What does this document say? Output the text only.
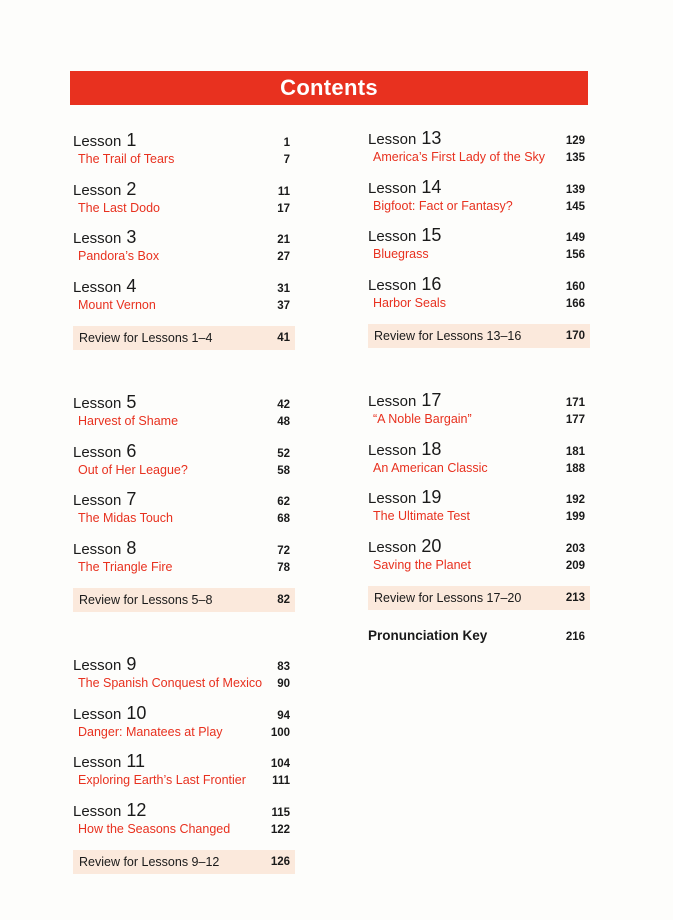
Contents
Lesson 1	1
The Trail of Tears	7
Lesson 2	11
The Last Dodo	17
Lesson 3	21
Pandora’s Box	27
Lesson 4	31
Mount Vernon	37
Review for Lessons 1–4	41
Lesson 5	42
Harvest of Shame	48
Lesson 6	52
Out of Her League?	58
Lesson 7	62
The Midas Touch	68
Lesson 8	72
The Triangle Fire	78
Review for Lessons 5–8	82
Lesson 9	83
The Spanish Conquest of Mexico 90
Lesson 10	94
Danger: Manatees at Play	100
Lesson 11	104
Exploring Earth’s Last Frontier 111
Lesson 12	115
How the Seasons Changed	122
Review for Lessons 9–12	126
Lesson 13	129
America’s First Lady of the Sky 135
Lesson 14	139
Bigfoot: Fact or Fantasy?	145
Lesson 15	149
Bluegrass	156
Lesson 16	160
Harbor Seals	166
Review for Lessons 13–16	170
Lesson 17	171
“A Noble Bargain”	177
Lesson 18	181
An American Classic	188
Lesson 19	192
The Ultimate Test	199
Lesson 20	203
Saving the Planet	209
Review for Lessons 17–20	213
Pronunciation Key	216
